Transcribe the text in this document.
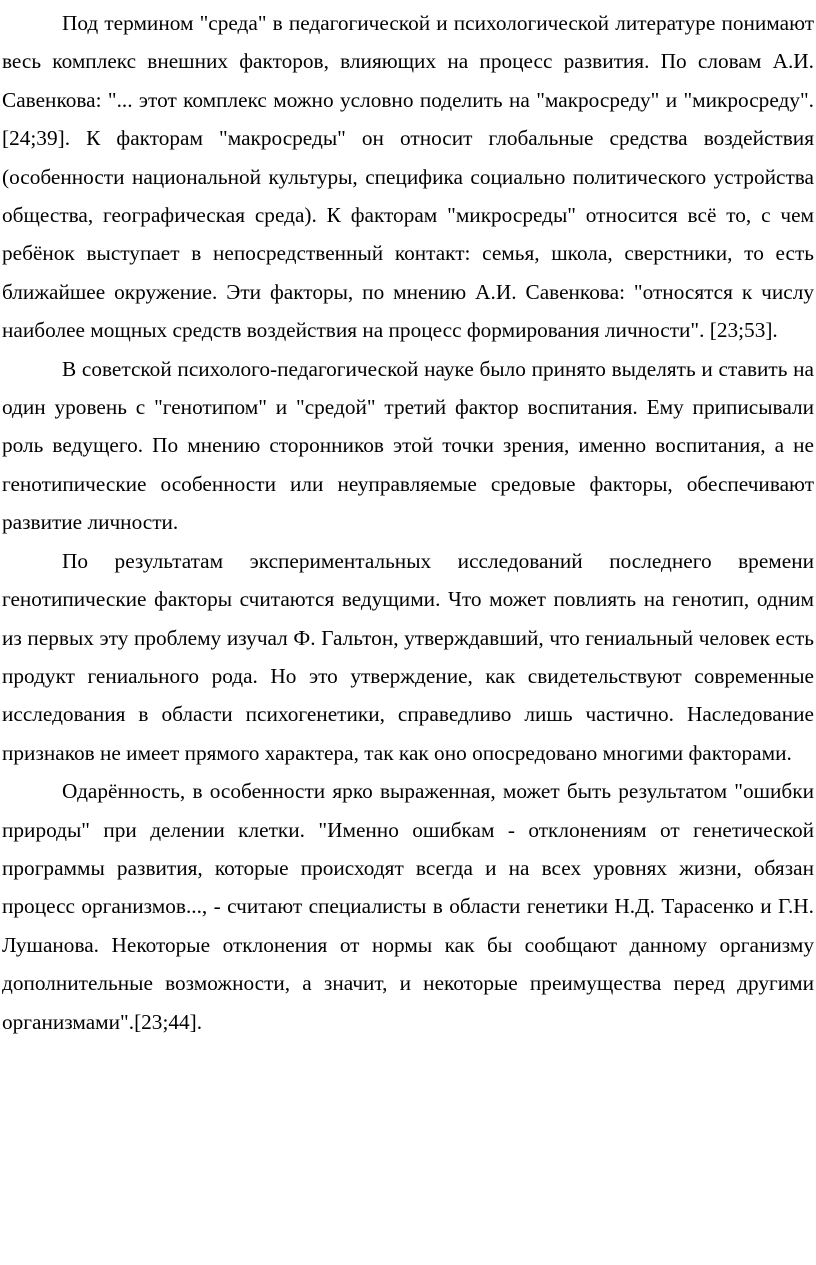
Под термином "среда" в педагогической и психологической литературе понимают весь комплекс внешних факторов, влияющих на процесс развития. По словам А.И. Савенкова: "... этот комплекс можно условно поделить на "макросреду" и "микросреду". [24;39]. К факторам "макросреды" он относит глобальные средства воздействия (особенности национальной культуры, специфика социально политического устройства общества, географическая среда). К факторам "микросреды" относится всё то, с чем ребёнок выступает в непосредственный контакт: семья, школа, сверстники, то есть ближайшее окружение. Эти факторы, по мнению А.И. Савенкова: "относятся к числу наиболее мощных средств воздействия на процесс формирования личности". [23;53].

В советской психолого-педагогической науке было принято выделять и ставить на один уровень с "генотипом" и "средой" третий фактор воспитания. Ему приписывали роль ведущего. По мнению сторонников этой точки зрения, именно воспитания, а не генотипические особенности или неуправляемые средовые факторы, обеспечивают развитие личности.

По результатам экспериментальных исследований последнего времени генотипические факторы считаются ведущими. Что может повлиять на генотип, одним из первых эту проблему изучал Ф. Гальтон, утверждавший, что гениальный человек есть продукт гениального рода. Но это утверждение, как свидетельствуют современные исследования в области психогенетики, справедливо лишь частично. Наследование признаков не имеет прямого характера, так как оно опосредовано многими факторами.

Одарённость, в особенности ярко выраженная, может быть результатом "ошибки природы" при делении клетки. "Именно ошибкам - отклонениям от генетической программы развития, которые происходят всегда и на всех уровнях жизни, обязан процесс организмов..., - считают специалисты в области генетики Н.Д. Тарасенко и Г.Н. Лушанова. Некоторые отклонения от нормы как бы сообщают данному организму дополнительные возможности, а значит, и некоторые преимущества перед другими организмами".[23;44].
